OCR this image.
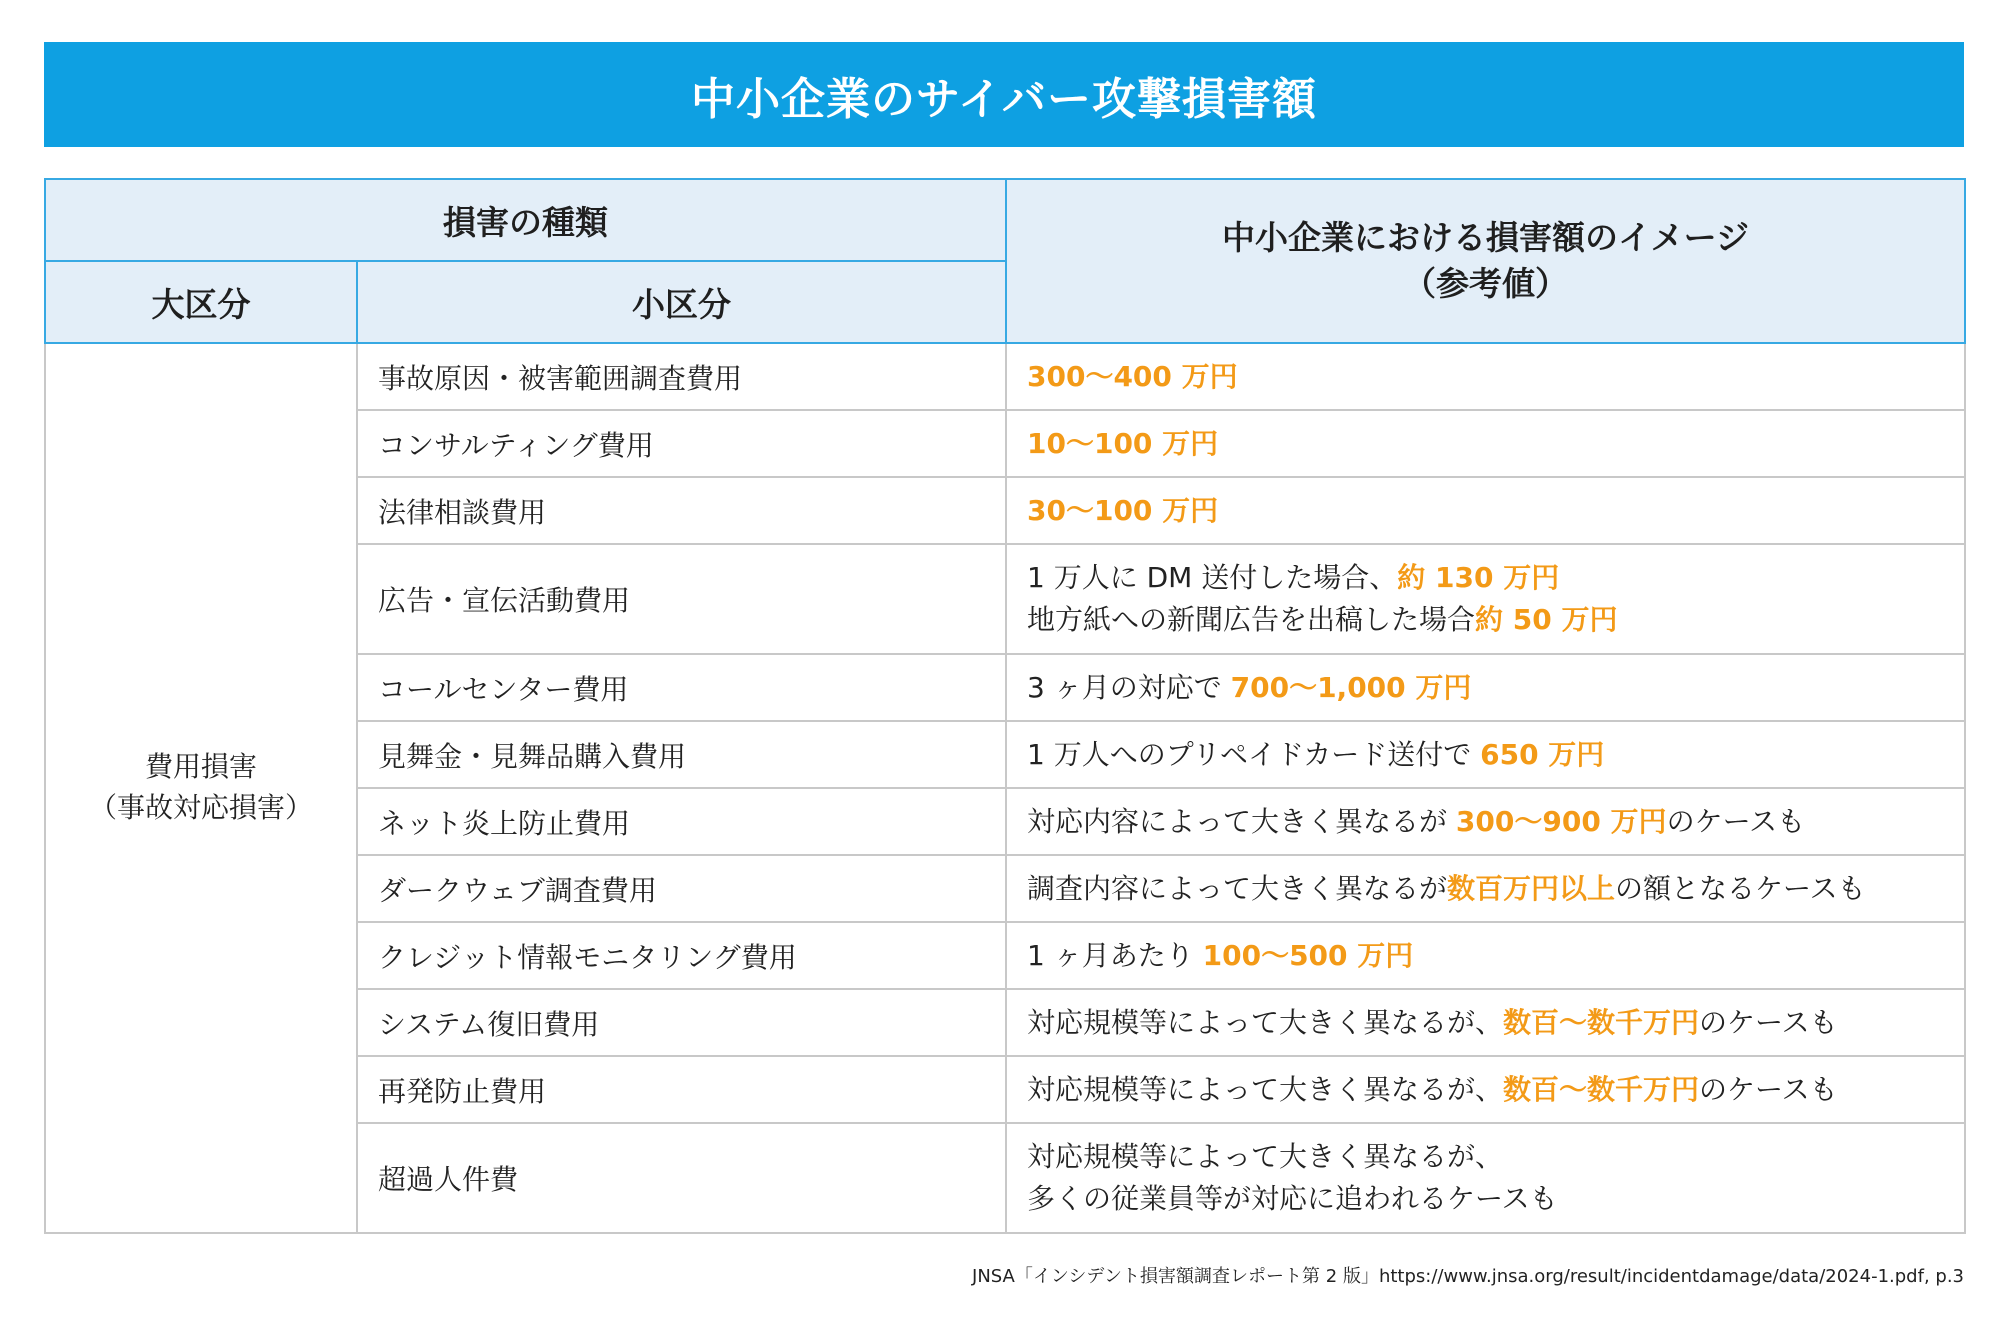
中小企業のサイバー攻撃損害額
損害の種類		中小企業における損害額のイメージ
（参考値）

大区分	小区分	

費用損害
（事故対応損害）	事故原因・被害範囲調査費用	300〜400 万円

	コンサルティング費用	10〜100 万円

	法律相談費用	30〜100 万円

	広告・宣伝活動費用	1 万人に DM 送付した場合、約 130 万円
地方紙への新聞広告を出稿した場合約 50 万円

	コールセンター費用	3 ヶ月の対応で 700〜1,000 万円

	見舞金・見舞品購入費用	1 万人へのプリペイドカード送付で 650 万円

	ネット炎上防止費用	対応内容によって大きく異なるが 300〜900 万円のケースも

	ダークウェブ調査費用	調査内容によって大きく異なるが数百万円以上の額となるケースも

	クレジット情報モニタリング費用	1 ヶ月あたり 100〜500 万円

	システム復旧費用	対応規模等によって大きく異なるが、数百〜数千万円のケースも

	再発防止費用	対応規模等によって大きく異なるが、数百〜数千万円のケースも

	超過人件費	対応規模等によって大きく異なるが、
多くの従業員等が対応に追われるケースも
JNSA「インシデント損害額調査レポート第 2 版」https://www.jnsa.org/result/incidentdamage/data/2024-1.pdf, p.3
